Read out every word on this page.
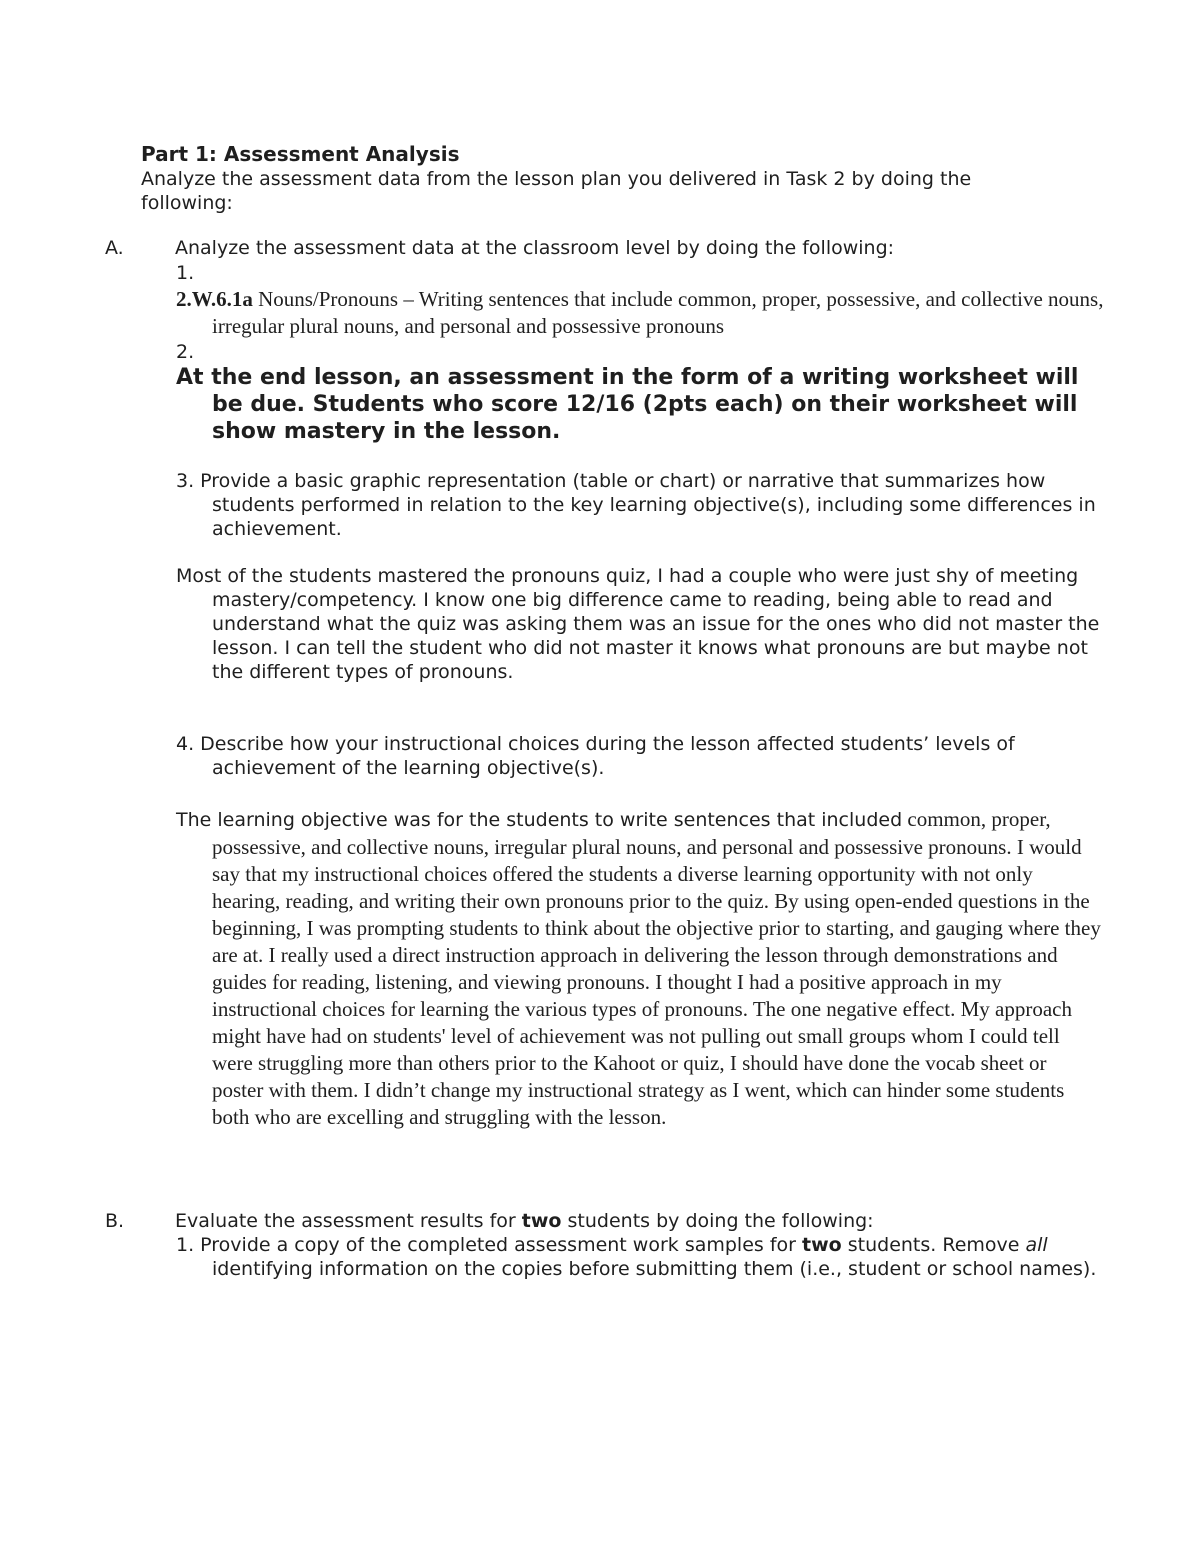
Part 1: Assessment Analysis
Analyze the assessment data from the lesson plan you delivered in Task 2 by doing the following:
A.	Analyze the assessment data at the classroom level by doing the following:
1.
2.W.6.1a Nouns/Pronouns – Writing sentences that include common, proper, possessive, and collective nouns, irregular plural nouns, and personal and possessive pronouns
2.
At the end lesson, an assessment in the form of a writing worksheet will be due. Students who score 12/16 (2pts each) on their worksheet will show mastery in the lesson.
3. Provide a basic graphic representation (table or chart) or narrative that summarizes how students performed in relation to the key learning objective(s), including some differences in achievement.
Most of the students mastered the pronouns quiz, I had a couple who were just shy of meeting mastery/competency. I know one big difference came to reading, being able to read and understand what the quiz was asking them was an issue for the ones who did not master the lesson. I can tell the student who did not master it knows what pronouns are but maybe not the different types of pronouns.
4. Describe how your instructional choices during the lesson affected students’ levels of achievement of the learning objective(s).
The learning objective was for the students to write sentences that included common, proper, possessive, and collective nouns, irregular plural nouns, and personal and possessive pronouns. I would say that my instructional choices offered the students a diverse learning opportunity with not only hearing, reading, and writing their own pronouns prior to the quiz. By using open-ended questions in the beginning, I was prompting students to think about the objective prior to starting, and gauging where they are at. I really used a direct instruction approach in delivering the lesson through demonstrations and guides for reading, listening, and viewing pronouns. I thought I had a positive approach in my instructional choices for learning the various types of pronouns. The one negative effect. My approach might have had on students' level of achievement was not pulling out small groups whom I could tell were struggling more than others prior to the Kahoot or quiz, I should have done the vocab sheet or poster with them. I didn’t change my instructional strategy as I went, which can hinder some students both who are excelling and struggling with the lesson.
B.	Evaluate the assessment results for two students by doing the following:
1. Provide a copy of the completed assessment work samples for two students. Remove all identifying information on the copies before submitting them (i.e., student or school names).
